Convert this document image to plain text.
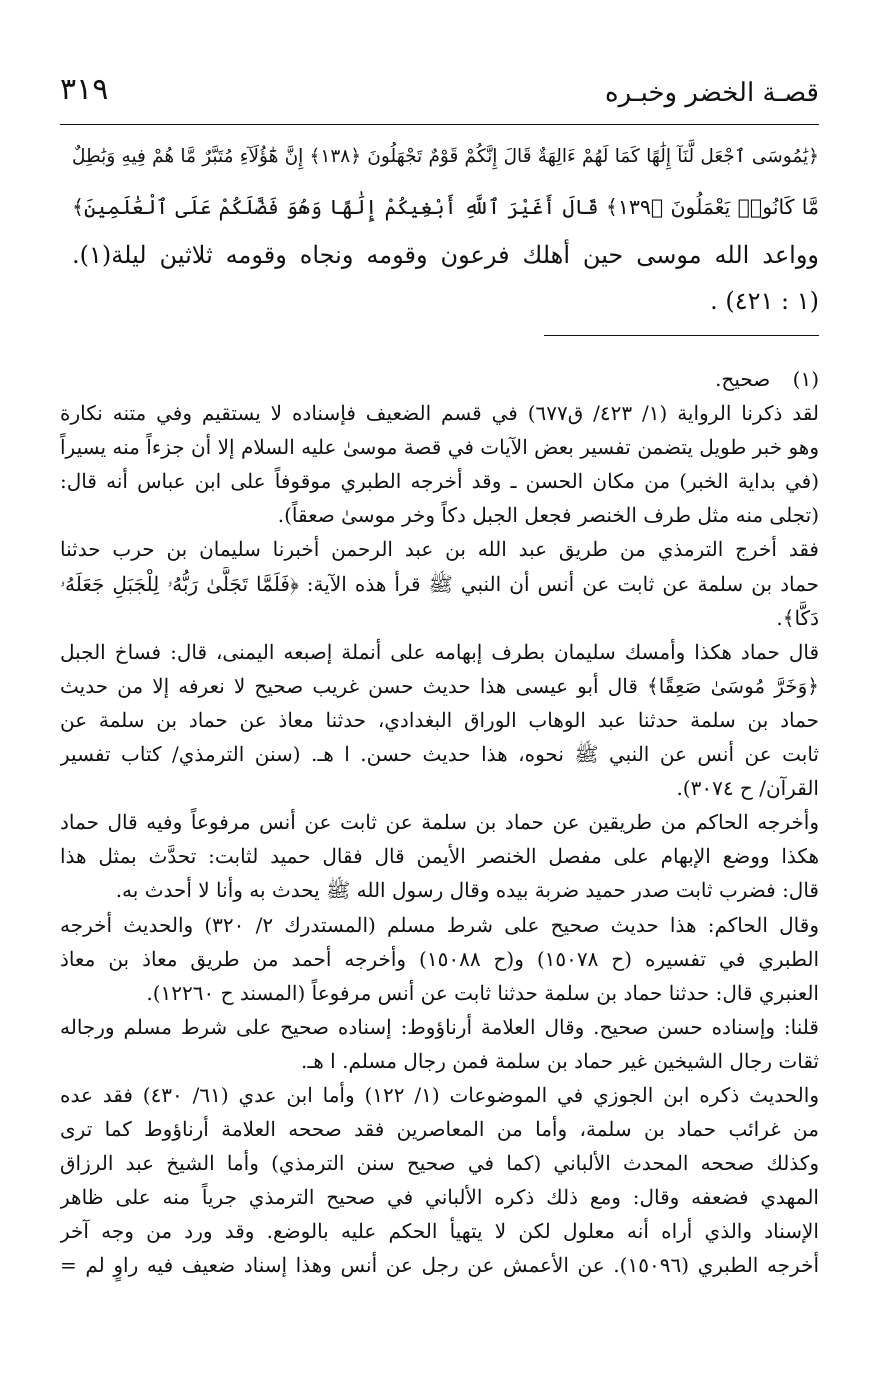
قصـة الخضر وخبـره
٣١٩
﴿يَٰمُوسَى ٱجْعَل لَّنَآ إِلَٰهًا كَمَا لَهُمْ ءَالِهَةٌ قَالَ إِنَّكُمْ قَوْمٌ تَجْهَلُونَ ﴿١٣٨﴾ إِنَّ هَٰٓؤُلَآءِ مُتَبَّرٌ مَّا هُمْ فِيهِ وَبَٰطِلٌ
مَّا كَانُوا۟ يَعْمَلُونَ ﴿١٣٩﴾ قَالَ أَغَيْرَ ٱللَّهِ أَبْغِيكُمْ إِلَٰهًا وَهُوَ فَضَّلَكُمْ عَلَى ٱلْعَٰلَمِينَ﴾
وواعد الله موسى حين أهلك فرعون وقومه ونجاه وقومه ثلاثين ليلة(١).
(١ : ٤٢١) .
(١) صحيح.
لقد ذكرنا الرواية (١/ ٤٢٣/ ق٦٧٧) في قسم الضعيف فإسناده لا يستقيم وفي متنه نكارة
وهو خبر طويل يتضمن تفسير بعض الآيات في قصة موسىٰ عليه السلام إلا أن جزءاً منه يسيراً
(في بداية الخبر) من مكان الحسن ـ وقد أخرجه الطبري موقوفاً على ابن عباس أنه قال:
(تجلى منه مثل طرف الخنصر فجعل الجبل دكاً وخر موسىٰ صعقاً).
فقد أخرج الترمذي من طريق عبد الله بن عبد الرحمن أخبرنا سليمان بن حرب حدثنا
حماد بن سلمة عن ثابت عن أنس أن النبي ﷺ قرأ هذه الآية: ﴿فَلَمَّا تَجَلَّىٰ رَبُّهُۥ لِلْجَبَلِ جَعَلَهُۥ
دَكًّا﴾.
قال حماد هكذا وأمسك سليمان بطرف إبهامه على أنملة إصبعه اليمنى، قال: فساخ الجبل
﴿وَخَرَّ مُوسَىٰ صَعِقًا﴾ قال أبو عيسى هذا حديث حسن غريب صحيح لا نعرفه إلا من حديث
حماد بن سلمة حدثنا عبد الوهاب الوراق البغدادي، حدثنا معاذ عن حماد بن سلمة عن
ثابت عن أنس عن النبي ﷺ نحوه، هذا حديث حسن. ا هـ. (سنن الترمذي/ كتاب تفسير
القرآن/ ح ٣٠٧٤).
وأخرجه الحاكم من طريقين عن حماد بن سلمة عن ثابت عن أنس مرفوعاً وفيه قال حماد
هكذا ووضع الإبهام على مفصل الخنصر الأيمن قال فقال حميد لثابت: تحدَّث بمثل هذا
قال: فضرب ثابت صدر حميد ضربة بيده وقال رسول الله ﷺ يحدث به وأنا لا أحدث به.
وقال الحاكم: هذا حديث صحيح على شرط مسلم (المستدرك ٢/ ٣٢٠) والحديث أخرجه
الطبري في تفسيره (ح ١٥٠٧٨) و(ح ١٥٠٨٨) وأخرجه أحمد من طريق معاذ بن معاذ
العنبري قال: حدثنا حماد بن سلمة حدثنا ثابت عن أنس مرفوعاً (المسند ح ١٢٢٦٠).
قلنا: وإسناده حسن صحيح. وقال العلامة أرناؤوط: إسناده صحيح على شرط مسلم ورجاله
ثقات رجال الشيخين غير حماد بن سلمة فمن رجال مسلم. ا هـ.
والحديث ذكره ابن الجوزي في الموضوعات (١/ ١٢٢) وأما ابن عدي (٦١/ ٤٣٠) فقد عده
من غرائب حماد بن سلمة، وأما من المعاصرين فقد صححه العلامة أرناؤوط كما ترى
وكذلك صححه المحدث الألباني (كما في صحيح سنن الترمذي) وأما الشيخ عبد الرزاق
المهدي فضعفه وقال: ومع ذلك ذكره الألباني في صحيح الترمذي جرياً منه على ظاهر
الإسناد والذي أراه أنه معلول لكن لا يتهيأ الحكم عليه بالوضع. وقد ورد من وجه آخر
أخرجه الطبري (١٥٠٩٦). عن الأعمش عن رجل عن أنس وهذا إسناد ضعيف فيه راوٍ لم =
